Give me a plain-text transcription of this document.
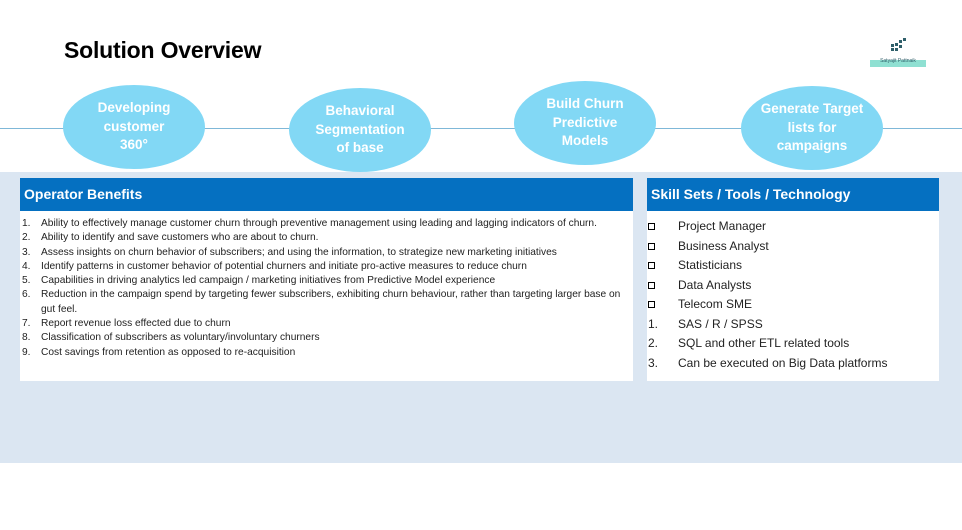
Solution Overview	Satyajit Pattnaik
Developing
customer
360°
Behavioral
Segmentation
of base
Build Churn
Predictive
Models
Generate Target
lists for
campaigns
Operator Benefits
1. Ability to effectively manage customer churn through preventive management using leading and lagging indicators of churn.
2. Ability to identify and save customers who are about to churn.
3. Assess insights on churn behavior of subscribers; and using the information, to strategize new marketing initiatives
4. Identify patterns in customer behavior of potential churners and initiate pro-active measures to reduce churn
5. Capabilities in driving analytics led campaign / marketing initiatives from Predictive Model experience
6. Reduction in the campaign spend by targeting fewer subscribers, exhibiting churn behaviour, rather than targeting larger base on gut feel.
7. Report revenue loss effected due to churn
8. Classification of subscribers as voluntary/involuntary churners
9. Cost savings from retention as opposed to re-acquisition
Skill Sets / Tools / Technology
Project Manager
Business Analyst
Statisticians
Data Analysts
Telecom SME
1. SAS / R / SPSS
2. SQL and other ETL related tools
3. Can be executed on Big Data platforms
